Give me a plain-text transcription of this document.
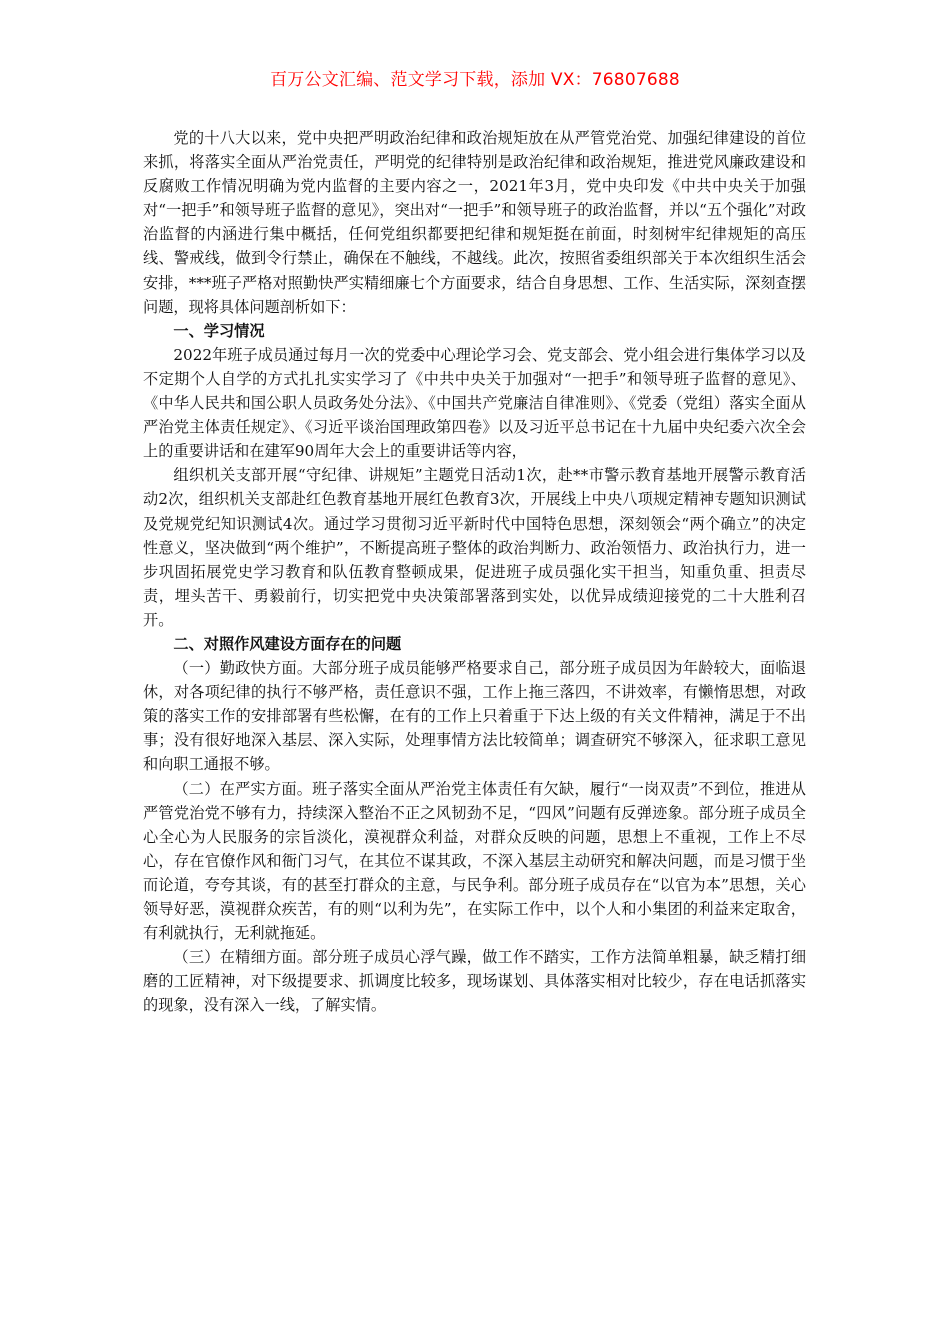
百万公文汇编、范文学习下载，添加 VX：76807688

党的十八大以来，党中央把严明政治纪律和政治规矩放在从严管党治党、加强纪律建设的首位来抓，将落实全面从严治党责任，严明党的纪律特别是政治纪律和政治规矩，推进党风廉政建设和反腐败工作情况明确为党内监督的主要内容之一，2021年3月，党中央印发《中共中央关于加强对“一把手”和领导班子监督的意见》，突出对“一把手”和领导班子的政治监督，并以“五个强化”对政治监督的内涵进行集中概括，任何党组织都要把纪律和规矩挺在前面，时刻树牢纪律规矩的高压线、警戒线，做到令行禁止，确保在不触线，不越线。此次，按照省委组织部关于本次组织生活会安排，***班子严格对照勤快严实精细廉七个方面要求，结合自身思想、工作、生活实际，深刻查摆问题，现将具体问题剖析如下：

一、学习情况

2022年班子成员通过每月一次的党委中心理论学习会、党支部会、党小组会进行集体学习以及不定期个人自学的方式扎扎实实学习了《中共中央关于加强对“一把手”和领导班子监督的意见》、《中华人民共和国公职人员政务处分法》、《中国共产党廉洁自律准则》、《党委（党组）落实全面从严治党主体责任规定》、《习近平谈治国理政第四卷》以及习近平总书记在十九届中央纪委六次全会上的重要讲话和在建军90周年大会上的重要讲话等内容，

组织机关支部开展“守纪律、讲规矩”主题党日活动1次，赴**市警示教育基地开展警示教育活动2次，组织机关支部赴红色教育基地开展红色教育3次，开展线上中央八项规定精神专题知识测试及党规党纪知识测试4次。通过学习贯彻习近平新时代中国特色思想，深刻领会“两个确立”的决定性意义，坚决做到“两个维护”，不断提高班子整体的政治判断力、政治领悟力、政治执行力，进一步巩固拓展党史学习教育和队伍教育整顿成果，促进班子成员强化实干担当，知重负重、担责尽责，埋头苦干、勇毅前行，切实把党中央决策部署落到实处，以优异成绩迎接党的二十大胜利召开。

二、对照作风建设方面存在的问题

（一）勤政快方面。大部分班子成员能够严格要求自己，部分班子成员因为年龄较大，面临退休，对各项纪律的执行不够严格，责任意识不强，工作上拖三落四，不讲效率，有懒惰思想，对政策的落实工作的安排部署有些松懈，在有的工作上只着重于下达上级的有关文件精神，满足于不出事；没有很好地深入基层、深入实际，处理事情方法比较简单；调查研究不够深入，征求职工意见和向职工通报不够。

（二）在严实方面。班子落实全面从严治党主体责任有欠缺，履行“一岗双责”不到位，推进从严管党治党不够有力，持续深入整治不正之风韧劲不足，“四风”问题有反弹迹象。部分班子成员全心全心为人民服务的宗旨淡化，漠视群众利益，对群众反映的问题，思想上不重视，工作上不尽心，存在官僚作风和衙门习气，在其位不谋其政，不深入基层主动研究和解决问题，而是习惯于坐而论道，夸夸其谈，有的甚至打群众的主意，与民争利。部分班子成员存在“以官为本”思想，关心领导好恶，漠视群众疾苦，有的则“以利为先”，在实际工作中，以个人和小集团的利益来定取舍，有利就执行，无利就拖延。

（三）在精细方面。部分班子成员心浮气躁，做工作不踏实，工作方法简单粗暴，缺乏精打细磨的工匠精神，对下级提要求、抓调度比较多，现场谋划、具体落实相对比较少，存在电话抓落实的现象，没有深入一线，了解实情。
